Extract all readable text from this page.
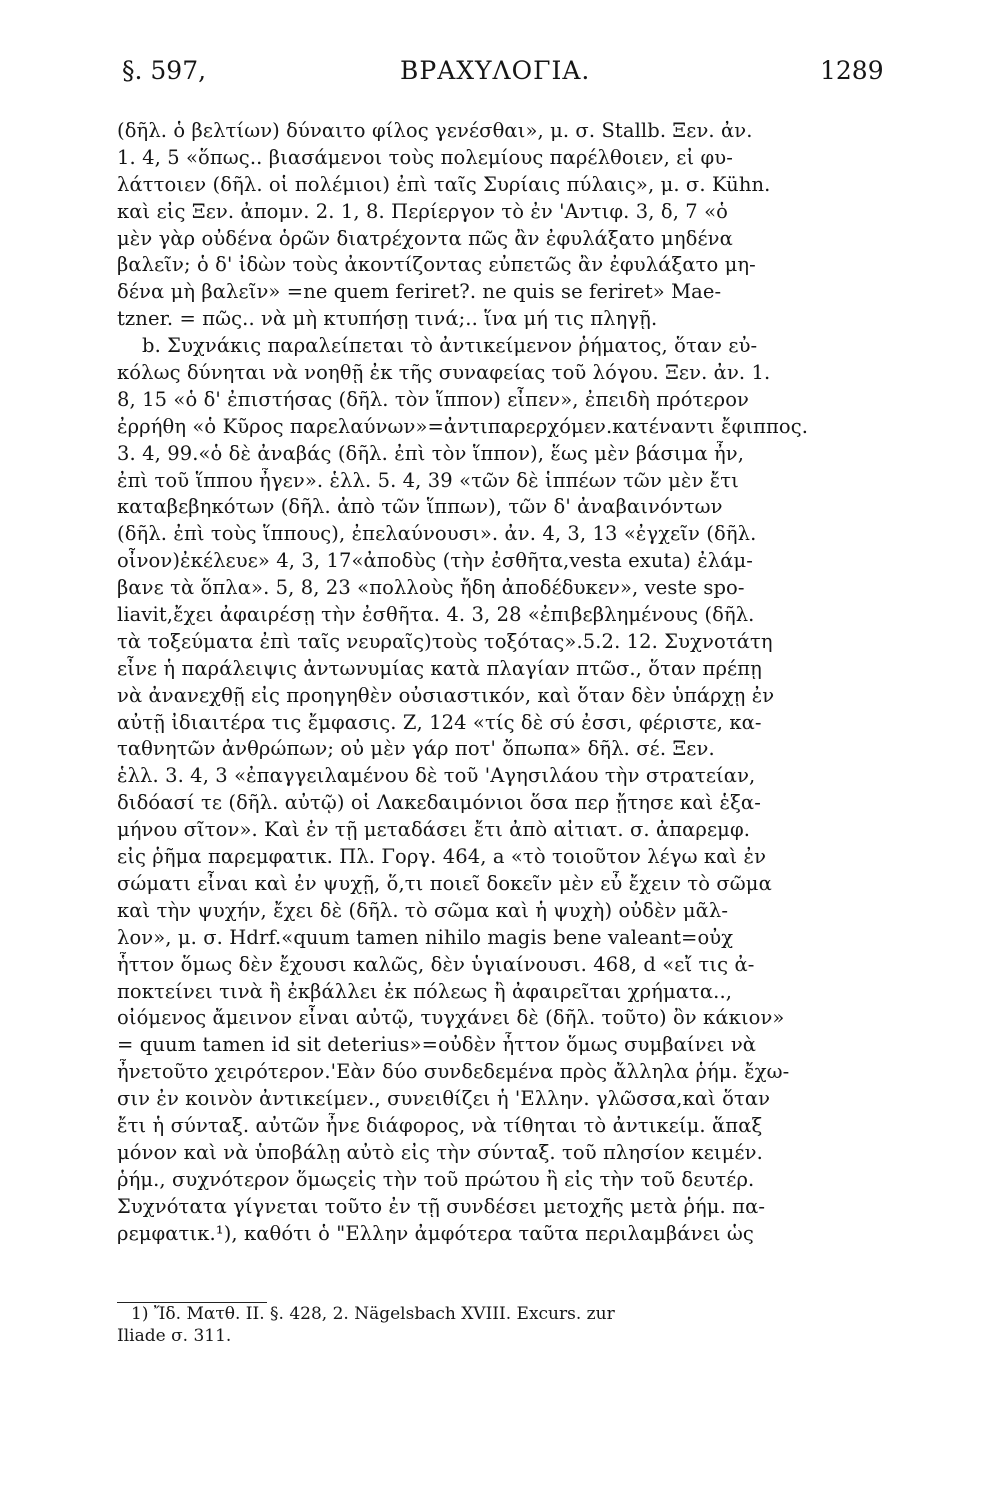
§. 597,	ΒΡΑΧΥΛΟΓΙΑ.	1289
(δῆλ. ὁ βελτίων) δύναιτο φίλος γενέσθαι», μ. σ. Stallb. Ξεν. ἀν.
1. 4, 5 «ὅπως.. βιασάμενοι τοὺς πολεμίους παρέλθοιεν, εἰ φυ-
λάττοιεν (δῆλ. οἱ πολέμιοι) ἐπὶ ταῖς Συρίαις πύλαις», μ. σ. Kühn.
καὶ εἰς Ξεν. ἀπομν. 2. 1, 8. Περίεργον τὸ ἐν 'Αντιφ. 3, δ, 7 «ὁ
μὲν γὰρ οὐδένα ὁρῶν διατρέχοντα πῶς ἂν ἐφυλάξατο μηδένα
βαλεῖν; ὁ δ' ἰδὼν τοὺς ἀκοντίζοντας εὐπετῶς ἂν ἐφυλάξατο μη-
δένα μὴ βαλεῖν» =ne quem feriret?. ne quis se feriret» Mae-
tzner. = πῶς.. νὰ μὴ κτυπήσῃ τινά;.. ἵνα μή τις πληγῇ.
b. Συχνάκις παραλείπεται τὸ ἀντικείμενον ῥήματος, ὅταν εὐ-
κόλως δύνηται νὰ νοηθῇ ἐκ τῆς συναφείας τοῦ λόγου. Ξεν. ἀν. 1.
8, 15 «ὁ δ' ἐπιστήσας (δῆλ. τὸν ἵππον) εἶπεν», ἐπειδὴ πρότερον
ἐρρήθη «ὁ Κῦρος παρελαύνων»=ἀντιπαρερχόμεν.κατέναντι ἔφιππος.
3. 4, 99.«ὁ δὲ ἀναβάς (δῆλ. ἐπὶ τὸν ἵππον), ἕως μὲν βάσιμα ἦν,
ἐπὶ τοῦ ἵππου ἦγεν». ἑλλ. 5. 4, 39 «τῶν δὲ ἱππέων τῶν μὲν ἔτι
καταβεβηκότων (δῆλ. ἀπὸ τῶν ἵππων), τῶν δ' ἀναβαινόντων
(δῆλ. ἐπὶ τοὺς ἵππους), ἐπελαύνουσι». ἀν. 4, 3, 13 «ἐγχεῖν (δῆλ.
οἶνον)ἐκέλευε» 4, 3, 17«ἀποδὺς (τὴν ἐσθῆτα,vesta exuta) ἐλάμ-
βανε τὰ ὅπλα». 5, 8, 23 «πολλοὺς ἤδη ἀποδέδυκεν», veste spo-
liavit,ἔχει ἀφαιρέσῃ τὴν ἐσθῆτα. 4. 3, 28 «ἐπιβεβλημένους (δῆλ.
τὰ τοξεύματα ἐπὶ ταῖς νευραῖς)τοὺς τοξότας».5.2. 12. Συχνοτάτη
εἶνε ἡ παράλειψις ἀντωνυμίας κατὰ πλαγίαν πτῶσ., ὅταν πρέπῃ
νὰ ἀνανεχθῇ εἰς προηγηθὲν οὐσιαστικόν, καὶ ὅταν δὲν ὑπάρχῃ ἐν
αὐτῇ ἰδιαιτέρα τις ἔμφασις. Ζ, 124 «τίς δὲ σύ ἐσσι, φέριστε, κα-
ταθνητῶν ἀνθρώπων; οὐ μὲν γάρ ποτ' ὄπωπα» δῆλ. σέ. Ξεν.
ἑλλ. 3. 4, 3 «ἐπαγγειλαμένου δὲ τοῦ 'Αγησιλάου τὴν στρατείαν,
διδόασί τε (δῆλ. αὐτῷ) οἱ Λακεδαιμόνιοι ὅσα περ ᾔτησε καὶ ἑξα-
μήνου σῖτον». Καὶ ἐν τῇ μεταδάσει ἔτι ἀπὸ αἰτιατ. σ. ἀπαρεμφ.
εἰς ῥῆμα παρεμφατικ. Πλ. Γοργ. 464, a «τὸ τοιοῦτον λέγω καὶ ἐν
σώματι εἶναι καὶ ἐν ψυχῇ, ὅ,τι ποιεῖ δοκεῖν μὲν εὖ ἔχειν τὸ σῶμα
καὶ τὴν ψυχήν, ἔχει δὲ (δῆλ. τὸ σῶμα καὶ ἡ ψυχὴ) οὐδὲν μᾶλ-
λον», μ. σ. Hdrf.«quum tamen nihilo magis bene valeant=οὐχ
ἧττον ὅμως δὲν ἔχουσι καλῶς, δὲν ὑγιαίνουσι. 468, d «εἴ τις ἀ-
ποκτείνει τινὰ ἢ ἐκβάλλει ἐκ πόλεως ἢ ἀφαιρεῖται χρήματα..,
οἰόμενος ἄμεινον εἶναι αὐτῷ, τυγχάνει δὲ (δῆλ. τοῦτο) ὂν κάκιον»
= quum tamen id sit deterius»=οὐδὲν ἧττον ὅμως συμβαίνει νὰ
ἦνετοῦτο χειρότερον.'Εὰν δύο συνδεδεμένα πρὸς ἄλληλα ῥήμ. ἔχω-
σιν ἐν κοινὸν ἀντικείμεν., συνειθίζει ἡ 'Ελλην. γλῶσσα,καὶ ὅταν
ἔτι ἡ σύνταξ. αὐτῶν ἦνε διάφορος, νὰ τίθηται τὸ ἀντικείμ. ἅπαξ
μόνον καὶ νὰ ὑποβάλῃ αὐτὸ εἰς τὴν σύνταξ. τοῦ πλησίον κειμέν.
ῥήμ., συχνότερον ὅμωςεἰς τὴν τοῦ πρώτου ἢ εἰς τὴν τοῦ δευτέρ.
Συχνότατα γίγνεται τοῦτο ἐν τῇ συνδέσει μετοχῆς μετὰ ῥήμ. πα-
ρεμφατικ.¹), καθότι ὁ "Ελλην ἀμφότερα ταῦτα περιλαμβάνει ὡς
1) Ἴδ. Ματθ. II. §. 428, 2. Nägelsbach XVIII. Excurs. zur
Iliade σ. 311.
